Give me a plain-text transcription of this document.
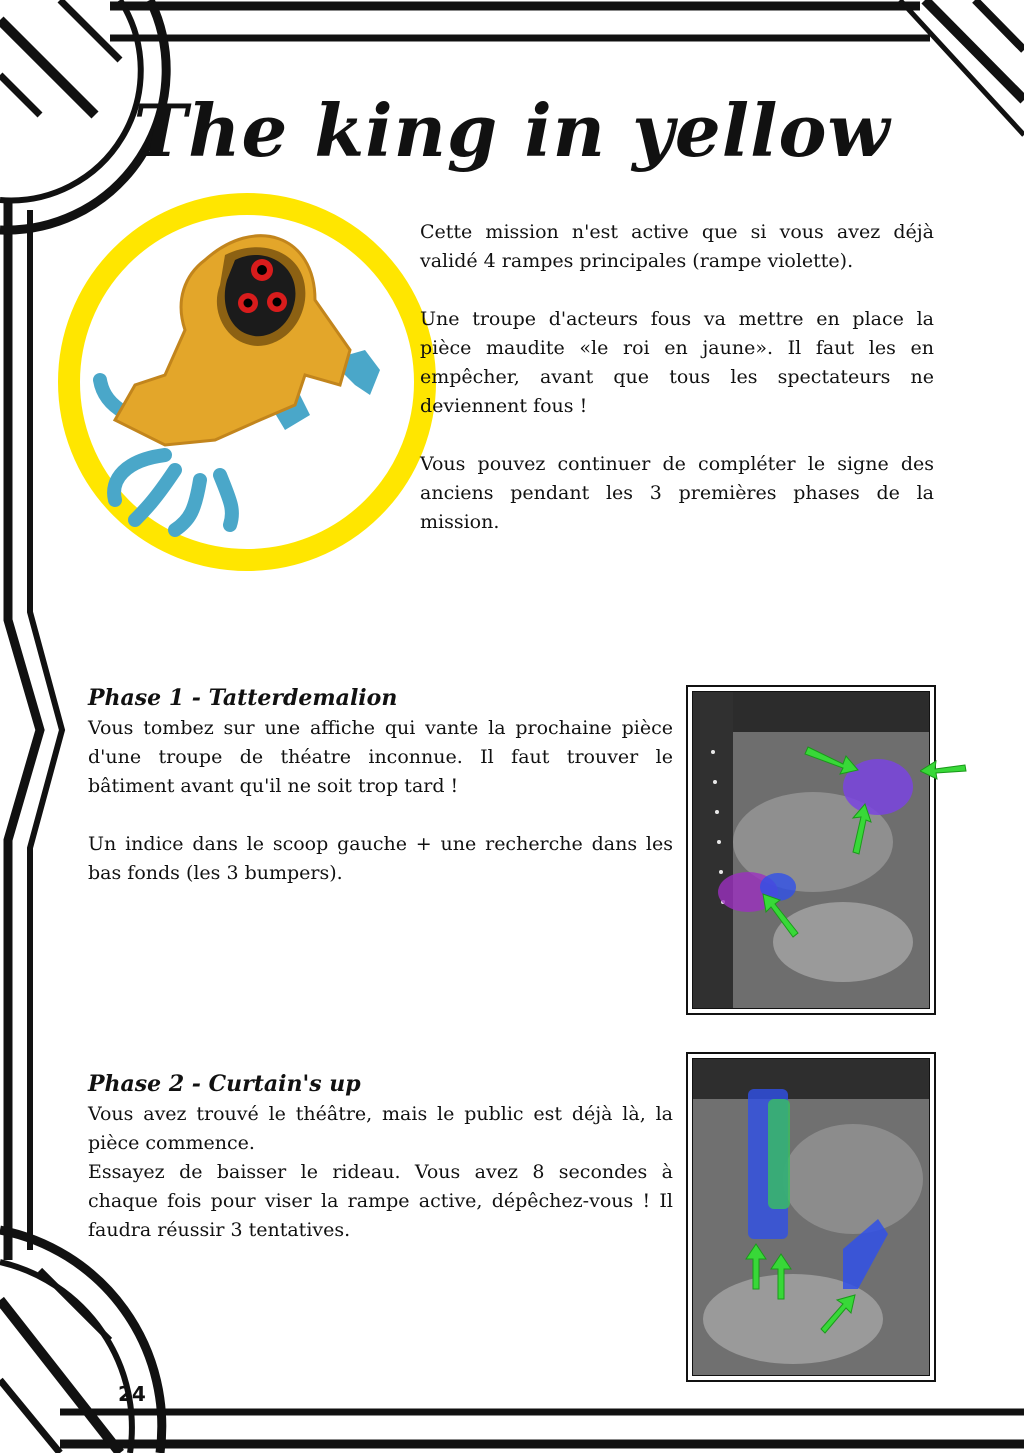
The king in yellow

Cette mission n'est active que si vous avez déjà validé 4 rampes principales (rampe violette).

Une troupe d'acteurs fous va mettre en place la pièce maudite «le roi en jaune». Il faut les en empêcher, avant que tous les spectateurs ne deviennent fous !

Vous pouvez continuer de compléter le signe des anciens pendant les 3 premières phases de la mission.

Phase 1 - Tatterdemalion

Vous tombez sur une affiche qui vante la prochaine pièce d'une troupe de théatre inconnue. Il faut trouver le bâtiment avant qu'il ne soit trop tard !

Un indice dans le scoop gauche + une recherche dans les bas fonds (les 3 bumpers).

Phase 2 - Curtain's up

Vous avez trouvé le théâtre, mais le public est déjà là, la pièce commence.

Essayez de baisser le rideau. Vous avez 8 secondes à chaque fois pour viser la rampe active, dépêchez-vous ! Il faudra réussir 3 tentatives.

24
